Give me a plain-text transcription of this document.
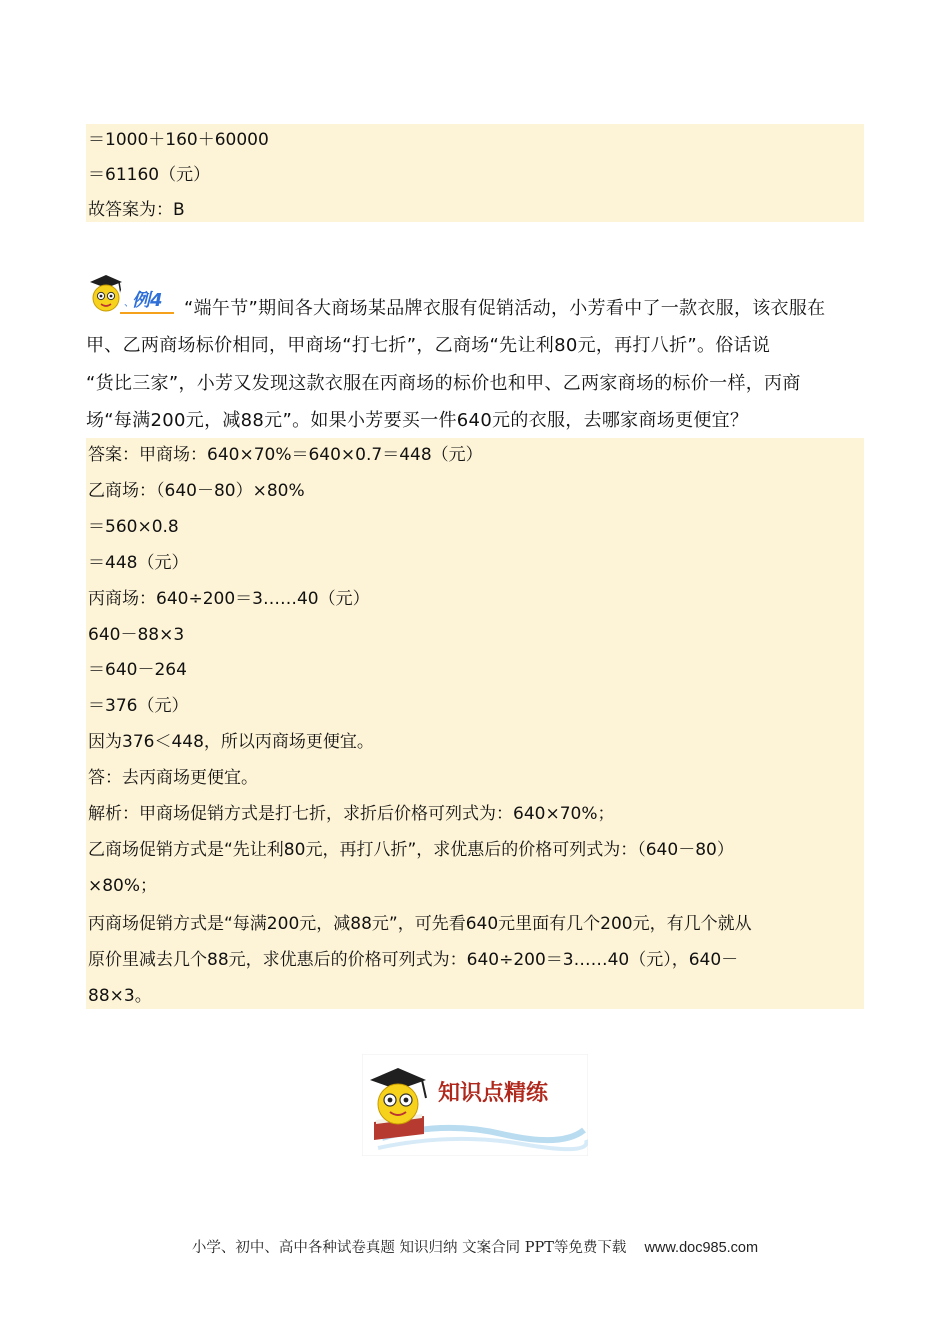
＝1000＋160＋60000
＝61160（元）
故答案为：B
、
例4 “端午节”期间各大商场某品牌衣服有促销活动，小芳看中了一款衣服，该衣服在
甲、乙两商场标价相同，甲商场“打七折”，乙商场“先让利80元，再打八折”。俗话说
“货比三家”，小芳又发现这款衣服在丙商场的标价也和甲、乙两家商场的标价一样，丙商
场“每满200元，减88元”。如果小芳要买一件640元的衣服，去哪家商场更便宜？
答案：甲商场：640×70%＝640×0.7＝448（元）
乙商场：（640－80）×80%
＝560×0.8
＝448（元）
丙商场：640÷200＝3……40（元）
640－88×3
＝640－264
＝376（元）
因为376＜448，所以丙商场更便宜。
答：去丙商场更便宜。
解析：甲商场促销方式是打七折，求折后价格可列式为：640×70%；
乙商场促销方式是“先让利80元，再打八折”，求优惠后的价格可列式为：（640－80）
×80%；
丙商场促销方式是“每满200元，减88元”，可先看640元里面有几个200元，有几个就从
原价里减去几个88元，求优惠后的价格可列式为：640÷200＝3……40（元），640－
88×3。
知识点精练
小学、初中、高中各种试卷真题 知识归纳 文案合同 PPT等免费下载 www.doc985.com
